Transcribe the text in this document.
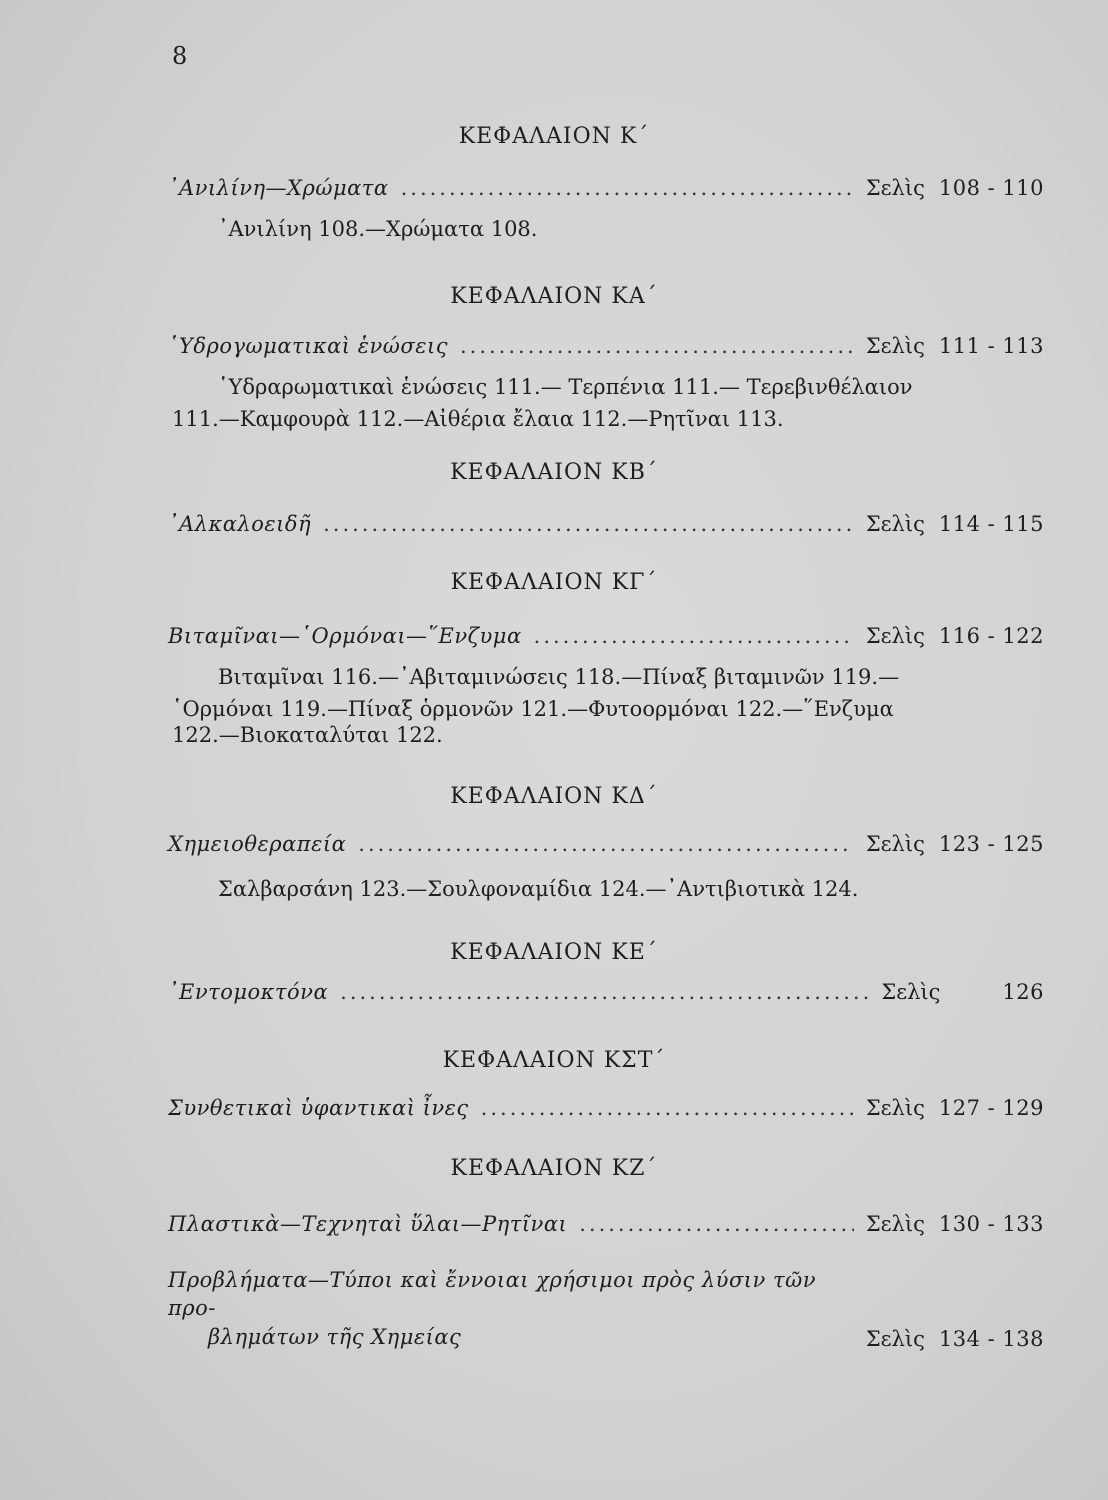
8
ΚΕΦΑΛΑΙΟΝ Κ΄
᾿Ανιλίνη—Χρώματα .....	Σελὶς 108 - 110
᾿Ανιλίνη 108.—Χρώματα 108.
ΚΕΦΑΛΑΙΟΝ ΚΑ΄
῾Υδρογωματικαὶ ἑνώσεις .....	Σελὶς 111 - 113
῾Υδραρωματικαὶ ἑνώσεις 111.— Τερπένια 111.— Τερεβινθέλαιον
111.—Καμφουρὰ 112.—Αἰθέρια ἔλαια 112.—Ρητῖναι 113.
ΚΕΦΑΛΑΙΟΝ ΚΒ΄
᾿Αλκαλοειδῆ .....	Σελὶς 114 - 115
ΚΕΦΑΛΑΙΟΝ ΚΓ΄
Βιταμῖναι—῾Ορμόναι—῞Ενζυμα .....	Σελὶς 116 - 122
Βιταμῖναι 116.—᾿Αβιταμινώσεις 118.—Πίναξ βιταμινῶν 119.—
῾Ορμόναι 119.—Πίναξ ὁρμονῶν 121.—Φυτοορμόναι 122.—῞Ενζυμα
122.—Βιοκαταλύται 122.
ΚΕΦΑΛΑΙΟΝ ΚΔ΄
Χημειοθεραπεία .....	Σελὶς 123 - 125
Σαλβαρσάνη 123.—Σουλφοναμίδια 124.—᾿Αντιβιοτικὰ 124.
ΚΕΦΑΛΑΙΟΝ ΚΕ΄
᾿Εντομοκτόνα .....	Σελὶς	126
ΚΕΦΑΛΑΙΟΝ ΚΣΤ΄
Συνθετικαὶ ὑφαντικαὶ ἶνες .....	Σελὶς 127 - 129
ΚΕΦΑΛΑΙΟΝ ΚΖ΄
Πλαστικὰ—Τεχνηταὶ ὕλαι—Ρητῖναι .....	Σελὶς 130 - 133
Προβλήματα—Τύποι καὶ ἔννοιαι χρήσιμοι πρὸς λύσιν τῶν προ-
βλημάτων τῆς Χημείας	Σελὶς 134 - 138
